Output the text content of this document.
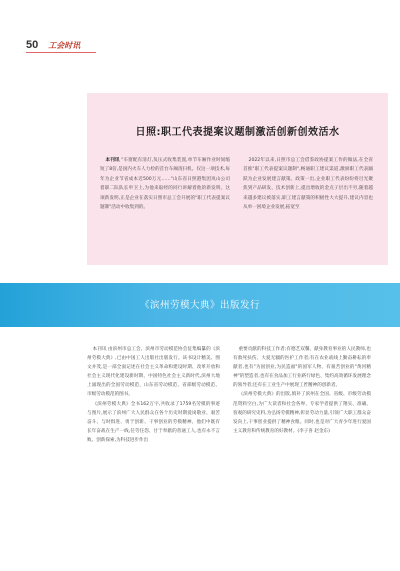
50 工会时讯
日照:职工代表提案议题制激活创新创效活水

本刊讯 "车窗配有清灯,负压式收集装置,单节车厢作业时间缩短了8倍,是国内火车人力检的首台车厢清扫机。仅这一项技术,每年为企业节省成本近500万元……"山东省日照港集团岚山公司着职二队队长申卫上,为他来取经的同行讲解着他的新发明。这项新发明,正是企业在落实日照市总工会开展的"职工代表提案议题制"活动中收集到的。

2022年以来,日照市总工会借鉴政协提案工作的做法,在全省首推"职工代表提案议题制",畅通职工建议渠道,激励职工代表踊跃为企业发展建言献策。政策一出,企业职工代表纷纷将目光聚焦到产品研发、技术创新上,提出增收的金点子层出不穷,随着越来越多建议被落实,职工建言献策的积极性大大提升,建议内容也从单一困境企业发展,拓宽至

《滨州劳模大典》出版发行

本刊讯 由滨州市总工会、滨州市劳动模范协会征集编纂的《滨州劳模大典》,已由中国工人出版社出版发行。该书设计精美、图文并茂,是一部全面记述在社会主义革命和建设时期、改革开放和社会主义现代化建设新时期、中国特色社会主义新时代,滨州大地上涌现出的全国劳动模范、山东省劳动模范、省部级劳动模范、市级劳动模范的图书。

《滨州劳模大典》全书162万字,共收录了1759名劳模的事迹与图片,展示了滨州广大人民群众在各个历史时期爱岗敬业、艰苦奋斗、与时俱进、勇于创新、干事创业的劳模精神。他们中既有长年奋战在生产一线,任劳任怨、甘于奉献的普通工人,也有永不言败、创新探索,为科技进步作出

重要贡献的科技工作者;有德艺双馨、献身教育事业的人民教师,也有救死扶伤、大爱无疆的医护工作者;有在农业战线上勤奋耕耘的奉献者,也有"为国创业,为民造福"的国军人物、有艰苦创业的"黄河精神"的塑造者,也有在食品加工行业跻行绿色、集约高效循环发展理念的领导者;还有在工业生产中展现工匠精神的创新者。

《滨州劳模大典》的出版,填补了滨州在全国、省级、市级劳动模范资料空白,为广大读者和社会各界、专家学者提供了翔实、准确、客观的研究史料,为弘扬劳模精神,彰显劳动力量,引领广大职工群众奋发向上,干事创业提供了精神食粮。同时,也是对广大青少年进行爱国主义教育和传统教育的好教材。(李子喜 赵金东)
